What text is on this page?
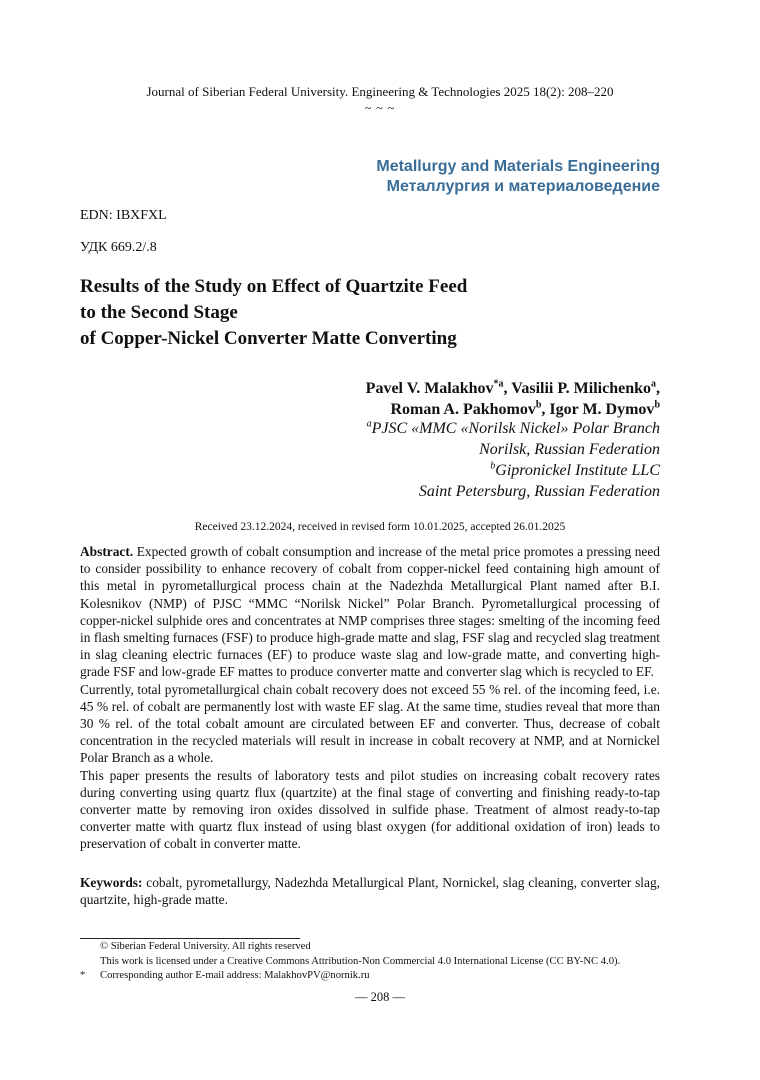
Journal of Siberian Federal University. Engineering & Technologies 2025 18(2): 208–220
~ ~ ~
Metallurgy and Materials Engineering
Металлургия и материаловедение
EDN: IBXFXL
УДК 669.2/.8
Results of the Study on Effect of Quartzite Feed
to the Second Stage
of Copper-Nickel Converter Matte Converting
Pavel V. Malakhov$^{*a}$, Vasilii P. Milichenko$^a$,
Roman A. Pakhomov$^b$, Igor M. Dymov$^b$
$^a$PJSC «MMC «Norilsk Nickel» Polar Branch
Norilsk, Russian Federation
$^b$Gipronickel Institute LLC
Saint Petersburg, Russian Federation
Received 23.12.2024, received in revised form 10.01.2025, accepted 26.01.2025

Abstract. Expected growth of cobalt consumption and increase of the metal price promotes a pressing need to consider possibility to enhance recovery of cobalt from copper-nickel feed containing high amount of this metal in pyrometallurgical process chain at the Nadezhda Metallurgical Plant named after B.I. Kolesnikov (NMP) of PJSC “MMC “Norilsk Nickel” Polar Branch. Pyrometallurgical processing of copper-nickel sulphide ores and concentrates at NMP comprises three stages: smelting of the incoming feed in flash smelting furnaces (FSF) to produce high-grade matte and slag, FSF slag and recycled slag treatment in slag cleaning electric furnaces (EF) to produce waste slag and low-grade matte, and converting high-grade FSF and low-grade EF mattes to produce converter matte and converter slag which is recycled to EF.

Currently, total pyrometallurgical chain cobalt recovery does not exceed 55 % rel. of the incoming feed, i.e. 45 % rel. of cobalt are permanently lost with waste EF slag. At the same time, studies reveal that more than 30 % rel. of the total cobalt amount are circulated between EF and converter. Thus, decrease of cobalt concentration in the recycled materials will result in increase in cobalt recovery at NMP, and at Nornickel Polar Branch as a whole.

This paper presents the results of laboratory tests and pilot studies on increasing cobalt recovery rates during converting using quartz flux (quartzite) at the final stage of converting and finishing ready-to-tap converter matte by removing iron oxides dissolved in sulfide phase. Treatment of almost ready-to-tap converter matte with quartz flux instead of using blast oxygen (for additional oxidation of iron) leads to preservation of cobalt in converter matte.

Keywords: cobalt, pyrometallurgy, Nadezhda Metallurgical Plant, Nornickel, slag cleaning, converter slag, quartzite, high-grade matte.
© Siberian Federal University. All rights reserved
This work is licensed under a Creative Commons Attribution-Non Commercial 4.0 International License (CC BY-NC 4.0).
* Corresponding author E-mail address: MalakhovPV@nornik.ru
― 208 ―
